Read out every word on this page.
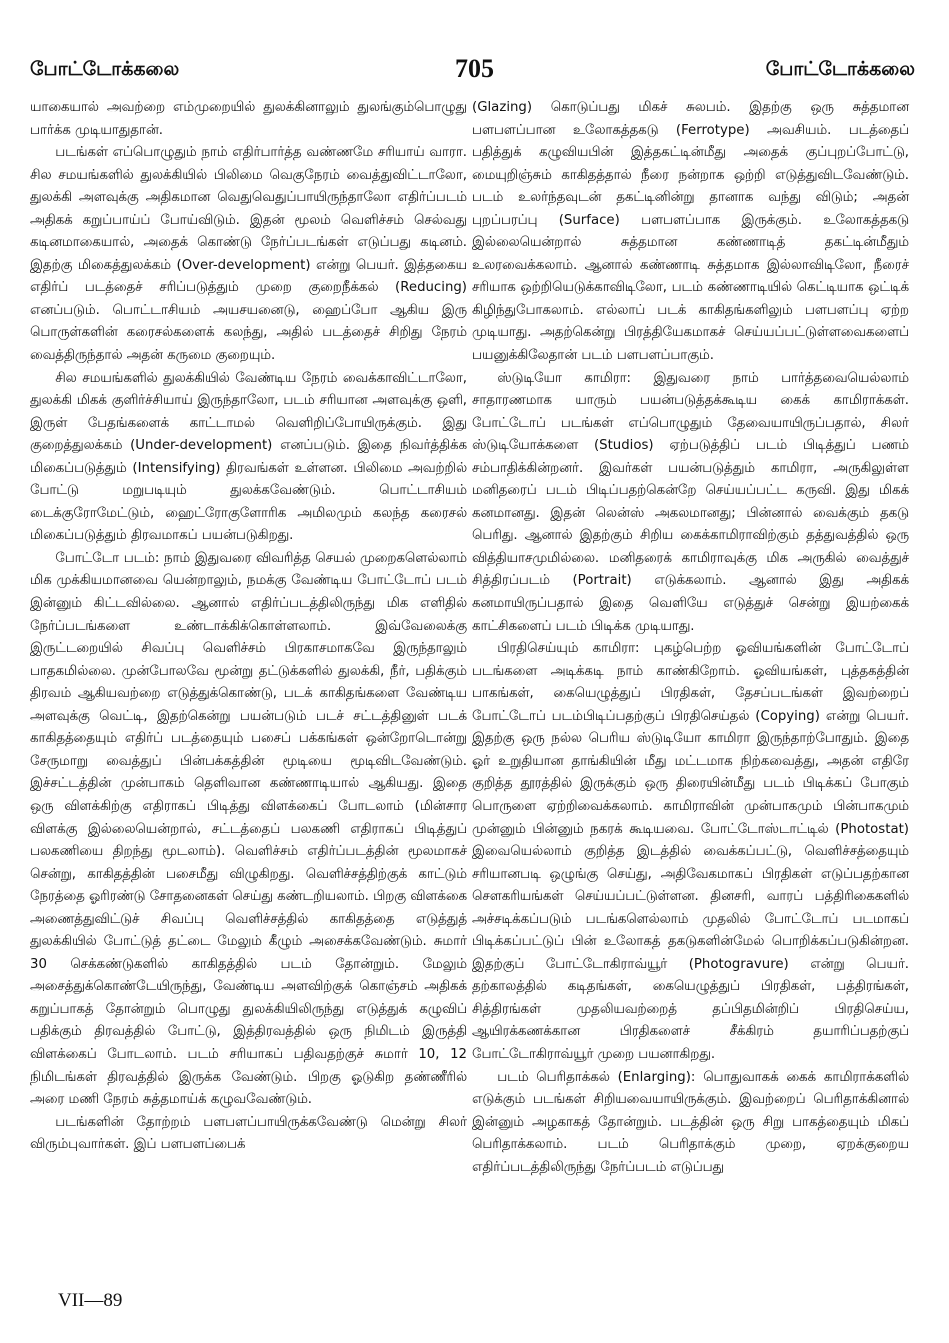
போட்டோக்கலை	705	போட்டோக்கலை

யாகையால் அவற்றை எம்முறையில் துலக்கினாலும் துலங்கும்பொழுது பார்க்க முடியாதுதான்.

படங்கள் எப்பொழுதும் நாம் எதிர்பார்த்த வண்ணமே சரியாய் வாரா. சில சமயங்களில் துலக்கியில் பிலிமை வெகுநேரம் வைத்துவிட்டாலோ, துலக்கி அளவுக்கு அதிகமான வெதுவெதுப்பாயிருந்தாலோ எதிர்ப்படம் அதிகக் கறுப்பாய்ப் போய்விடும். இதன் மூலம் வெளிச்சம் செல்வது கடினமாகையால், அதைக் கொண்டு நேர்ப்படங்கள் எடுப்பது கடினம். இதற்கு மிகைத்துலக்கம் (Over-development) என்று பெயர். இத்தகைய எதிர்ப் படத்தைச் சரிப்படுத்தும் முறை குறைநீக்கல் (Reducing) எனப்படும். பொட்டாசியம் அயசயனைடு, ஹைப்போ ஆகிய இரு பொருள்களின் கரைசல்களைக் கலந்து, அதில் படத்தைச் சிறிது நேரம் வைத்திருந்தால் அதன் கருமை குறையும்.

சில சமயங்களில் துலக்கியில் வேண்டிய நேரம் வைக்காவிட்டாலோ, துலக்கி மிகக் குளிர்ச்சியாய் இருந்தாலோ, படம் சரியான அளவுக்கு ஒளி, இருள் பேதங்களைக் காட்டாமல் வெளிறிப்போயிருக்கும். இது குறைத்துலக்கம் (Under-development) எனப்படும். இதை நிவர்த்திக்க மிகைப்படுத்தும் (Intensifying) திரவங்கள் உள்ளன. பிலிமை அவற்றில் போட்டு மறுபடியும் துலக்கவேண்டும். பொட்டாசியம் டைக்குரோமேட்டும், ஹைட்ரோகுளோரிக அமிலமும் கலந்த கரைசல் மிகைப்படுத்தும் திரவமாகப் பயன்படுகிறது.

போட்டோ படம்: நாம் இதுவரை விவரித்த செயல் முறைகளெல்லாம் மிக முக்கியமானவை யென்றாலும், நமக்கு வேண்டிய போட்டோப் படம் இன்னும் கிட்டவில்லை. ஆனால் எதிர்ப்படத்திலிருந்து மிக எளிதில் நேர்ப்படங்களை உண்டாக்கிக்கொள்ளலாம். இவ்வேலைக்கு இருட்டறையில் சிவப்பு வெளிச்சம் பிரகாசமாகவே இருந்தாலும் பாதகமில்லை. முன்போலவே மூன்று தட்டுக்களில் துலக்கி, நீர், பதிக்கும் திரவம் ஆகியவற்றை எடுத்துக்கொண்டு, படக் காகிதங்களை வேண்டிய அளவுக்கு வெட்டி, இதற்கென்று பயன்படும் படச் சட்டத்தினுள் படக் காகிதத்தையும் எதிர்ப் படத்தையும் பசைப் பக்கங்கள் ஒன்றோடொன்று சேருமாறு வைத்துப் பின்பக்கத்தின் மூடியை மூடிவிடவேண்டும். இச்சட்டத்தின் முன்பாகம் தெளிவான கண்ணாடியால் ஆகியது. இதை ஒரு விளக்கிற்கு எதிராகப் பிடித்து விளக்கைப் போடலாம் (மின்சார விளக்கு இல்லையென்றால், சட்டத்தைப் பலகணி எதிராகப் பிடித்துப் பலகணியை திறந்து மூடலாம்). வெளிச்சம் எதிர்ப்படத்தின் மூலமாகச் சென்று, காகிதத்தின் பசைமீது விழுகிறது. வெளிச்சத்திற்குக் காட்டும் நேரத்தை ஓரிரண்டு சோதனைகள் செய்து கண்டறியலாம். பிறகு விளக்கை அணைத்துவிட்டுச் சிவப்பு வெளிச்சத்தில் காகிதத்தை எடுத்துத் துலக்கியில் போட்டுத் தட்டை மேலும் கீழும் அசைக்கவேண்டும். சுமார் 30 செக்கண்டுகளில் காகிதத்தில் படம் தோன்றும். மேலும் அசைத்துக்கொண்டேயிருந்து, வேண்டிய அளவிற்குக் கொஞ்சம் அதிகக் கறுப்பாகத் தோன்றும் பொழுது துலக்கியிலிருந்து எடுத்துக் கழுவிப் பதிக்கும் திரவத்தில் போட்டு, இத்திரவத்தில் ஒரு நிமிடம் இருத்தி விளக்கைப் போடலாம். படம் சரியாகப் பதிவதற்குச் சுமார் 10, 12 நிமிடங்கள் திரவத்தில் இருக்க வேண்டும். பிறகு ஓடுகிற தண்ணீரில் அரை மணி நேரம் சுத்தமாய்க் கழுவவேண்டும்.

படங்களின் தோற்றம் பளபளப்பாயிருக்கவேண்டு மென்று சிலர் விரும்புவார்கள். இப் பளபளப்பைக்

(Glazing) கொடுப்பது மிகச் சுலபம். இதற்கு ஒரு சுத்தமான பளபளப்பான உலோகத்தகடு (Ferrotype) அவசியம். படத்தைப் பதித்துக் கழுவியபின் இத்தகட்டின்மீது அதைக் குப்புறப்போட்டு, மையுறிஞ்சும் காகிதத்தால் நீரை நன்றாக ஒற்றி எடுத்துவிடவேண்டும். படம் உலர்ந்தவுடன் தகட்டினின்று தானாக வந்து விடும்; அதன் புறப்பரப்பு (Surface) பளபளப்பாக இருக்கும். உலோகத்தகடு இல்லையென்றால் சுத்தமான கண்ணாடித் தகட்டின்மீதும் உலரவைக்கலாம். ஆனால் கண்ணாடி சுத்தமாக இல்லாவிடிலோ, நீரைச் சரியாக ஒற்றியெடுக்காவிடிலோ, படம் கண்ணாடியில் கெட்டியாக ஒட்டிக் கிழிந்துபோகலாம். எல்லாப் படக் காகிதங்களிலும் பளபளப்பு ஏற்ற முடியாது. அதற்கென்று பிரத்தியேகமாகச் செய்யப்பட்டுள்ளவைகளைப் பயனுக்கிலேதான் படம் பளபளப்பாகும்.

ஸ்டுடியோ காமிரா: இதுவரை நாம் பார்த்தவையெல்லாம் சாதாரணமாக யாரும் பயன்படுத்தக்கூடிய கைக் காமிராக்கள். போட்டோப் படங்கள் எப்பொழுதும் தேவையாயிருப்பதால், சிலர் ஸ்டுடியோக்களை (Studios) ஏற்படுத்திப் படம் பிடித்துப் பணம் சம்பாதிக்கின்றனர். இவர்கள் பயன்படுத்தும் காமிரா, அருகிலுள்ள மனிதரைப் படம் பிடிப்பதற்கென்றே செய்யப்பட்ட கருவி. இது மிகக் கனமானது. இதன் லென்ஸ் அகலமானது; பின்னால் வைக்கும் தகடு பெரிது. ஆனால் இதற்கும் சிறிய கைக்காமிராவிற்கும் தத்துவத்தில் ஒரு வித்தியாசமுமில்லை. மனிதரைக் காமிராவுக்கு மிக அருகில் வைத்துச் சித்திரப்படம் (Portrait) எடுக்கலாம். ஆனால் இது அதிகக் கனமாயிருப்பதால் இதை வெளியே எடுத்துச் சென்று இயற்கைக் காட்சிகளைப் படம் பிடிக்க முடியாது.

பிரதிசெய்யும் காமிரா: புகழ்பெற்ற ஓவியங்களின் போட்டோப் படங்களை அடிக்கடி நாம் காண்கிறோம். ஓவியங்கள், புத்தகத்தின் பாகங்கள், கையெழுத்துப் பிரதிகள், தேசப்படங்கள் இவற்றைப் போட்டோப் படம்பிடிப்பதற்குப் பிரதிசெய்தல் (Copying) என்று பெயர். இதற்கு ஒரு நல்ல பெரிய ஸ்டுடியோ காமிரா இருந்தாற்போதும். இதை ஓர் உறுதியான தாங்கியின் மீது மட்டமாக நிற்கவைத்து, அதன் எதிரே குறித்த தூரத்தில் இருக்கும் ஒரு திரையின்மீது படம் பிடிக்கப் போகும் பொருளை ஏற்றிவைக்கலாம். காமிராவின் முன்பாகமும் பின்பாகமும் முன்னும் பின்னும் நகரக் கூடியவை. போட்டோஸ்டாட்டில் (Photostat) இவையெல்லாம் குறித்த இடத்தில் வைக்கப்பட்டு, வெளிச்சத்தையும் சரியானபடி ஒழுங்கு செய்து, அதிவேகமாகப் பிரதிகள் எடுப்பதற்கான சௌகரியங்கள் செய்யப்பட்டுள்ளன. தினசரி, வாரப் பத்திரிகைகளில் அச்சடிக்கப்படும் படங்களெல்லாம் முதலில் போட்டோப் படமாகப் பிடிக்கப்பட்டுப் பின் உலோகத் தகடுகளின்மேல் பொறிக்கப்படுகின்றன. இதற்குப் போட்டோகிராவ்யூர் (Photogravure) என்று பெயர். தற்காலத்தில் கடிதங்கள், கையெழுத்துப் பிரதிகள், பத்திரங்கள், சித்திரங்கள் முதலியவற்றைத் தப்பிதமின்றிப் பிரதிசெய்ய, ஆயிரக்கணக்கான பிரதிகளைச் சீக்கிரம் தயாரிப்பதற்குப் போட்டோகிராவ்யூர் முறை பயனாகிறது.

படம் பெரிதாக்கல் (Enlarging): பொதுவாகக் கைக் காமிராக்களில் எடுக்கும் படங்கள் சிறியவையாயிருக்கும். இவற்றைப் பெரிதாக்கினால் இன்னும் அழகாகத் தோன்றும். படத்தின் ஒரு சிறு பாகத்தையும் மிகப் பெரிதாக்கலாம். படம் பெரிதாக்கும் முறை, ஏறக்குறைய எதிர்ப்படத்திலிருந்து நேர்ப்படம் எடுப்பது

VII—89
